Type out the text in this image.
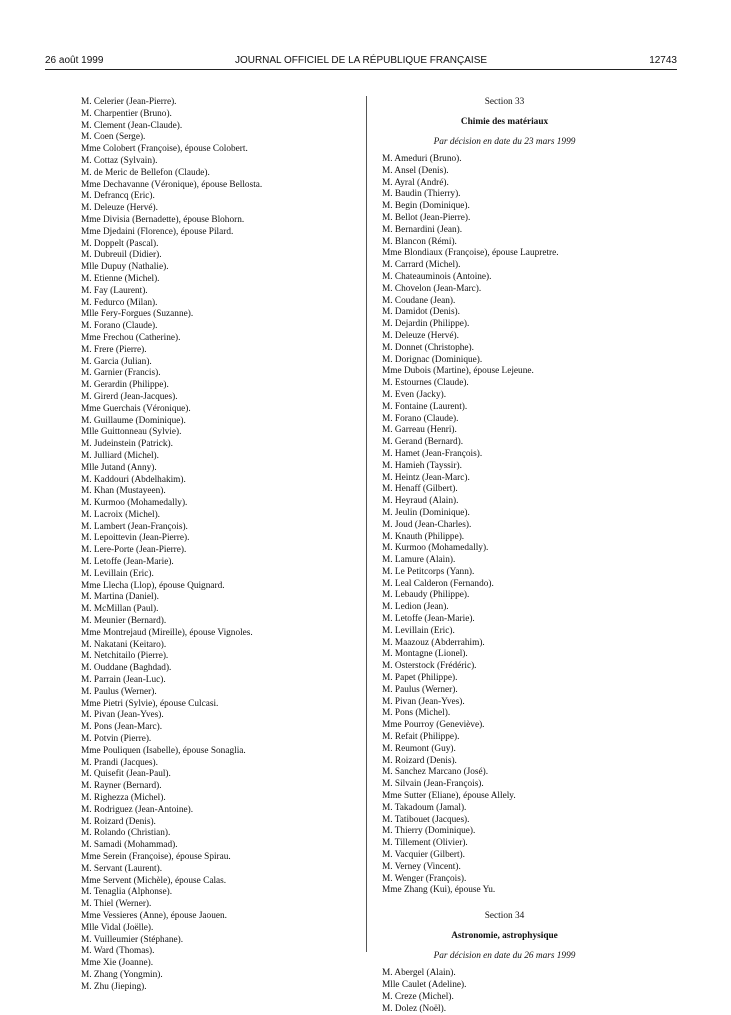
26 août 1999	JOURNAL OFFICIEL DE LA RÉPUBLIQUE FRANÇAISE	12743
M. Celerier (Jean-Pierre).
M. Charpentier (Bruno).
M. Clement (Jean-Claude).
M. Coen (Serge).
Mme Colobert (Françoise), épouse Colobert.
M. Cottaz (Sylvain).
M. de Meric de Bellefon (Claude).
Mme Dechavanne (Véronique), épouse Bellosta.
M. Defrancq (Eric).
M. Deleuze (Hervé).
Mme Divisia (Bernadette), épouse Blohorn.
Mme Djedaini (Florence), épouse Pilard.
M. Doppelt (Pascal).
M. Dubreuil (Didier).
Mlle Dupuy (Nathalie).
M. Etienne (Michel).
M. Fay (Laurent).
M. Fedurco (Milan).
Mlle Fery-Forgues (Suzanne).
M. Forano (Claude).
Mme Frechou (Catherine).
M. Frere (Pierre).
M. Garcia (Julian).
M. Garnier (Francis).
M. Gerardin (Philippe).
M. Girerd (Jean-Jacques).
Mme Guerchais (Véronique).
M. Guillaume (Dominique).
Mlle Guittonneau (Sylvie).
M. Judeinstein (Patrick).
M. Julliard (Michel).
Mlle Jutand (Anny).
M. Kaddouri (Abdelhakim).
M. Khan (Mustayeen).
M. Kurmoo (Mohamedally).
M. Lacroix (Michel).
M. Lambert (Jean-François).
M. Lepoittevin (Jean-Pierre).
M. Lere-Porte (Jean-Pierre).
M. Letoffe (Jean-Marie).
M. Levillain (Eric).
Mme Llecha (Llop), épouse Quignard.
M. Martina (Daniel).
M. McMillan (Paul).
M. Meunier (Bernard).
Mme Montrejaud (Mireille), épouse Vignoles.
M. Nakatani (Keitaro).
M. Netchitailo (Pierre).
M. Ouddane (Baghdad).
M. Parrain (Jean-Luc).
M. Paulus (Werner).
Mme Pietri (Sylvie), épouse Culcasi.
M. Pivan (Jean-Yves).
M. Pons (Jean-Marc).
M. Potvin (Pierre).
Mme Pouliquen (Isabelle), épouse Sonaglia.
M. Prandi (Jacques).
M. Quisefit (Jean-Paul).
M. Rayner (Bernard).
M. Righezza (Michel).
M. Rodriguez (Jean-Antoine).
M. Roizard (Denis).
M. Rolando (Christian).
M. Samadi (Mohammad).
Mme Serein (Françoise), épouse Spirau.
M. Servant (Laurent).
Mme Servent (Michèle), épouse Calas.
M. Tenaglia (Alphonse).
M. Thiel (Werner).
Mme Vessieres (Anne), épouse Jaouen.
Mlle Vidal (Joëlle).
M. Vuilleumier (Stéphane).
M. Ward (Thomas).
Mme Xie (Joanne).
M. Zhang (Yongmin).
M. Zhu (Jieping).
Section 33
Chimie des matériaux
Par décision en date du 23 mars 1999
M. Ameduri (Bruno).
M. Ansel (Denis).
M. Ayral (André).
M. Baudin (Thierry).
M. Begin (Dominique).
M. Bellot (Jean-Pierre).
M. Bernardini (Jean).
M. Blancon (Rémi).
Mme Blondiaux (Françoise), épouse Laupretre.
M. Carrard (Michel).
M. Chateauminois (Antoine).
M. Chovelon (Jean-Marc).
M. Coudane (Jean).
M. Damidot (Denis).
M. Dejardin (Philippe).
M. Deleuze (Hervé).
M. Donnet (Christophe).
M. Dorignac (Dominique).
Mme Dubois (Martine), épouse Lejeune.
M. Estournes (Claude).
M. Even (Jacky).
M. Fontaine (Laurent).
M. Forano (Claude).
M. Garreau (Henri).
M. Gerand (Bernard).
M. Hamet (Jean-François).
M. Hamieh (Tayssir).
M. Heintz (Jean-Marc).
M. Henaff (Gilbert).
M. Heyraud (Alain).
M. Jeulin (Dominique).
M. Joud (Jean-Charles).
M. Knauth (Philippe).
M. Kurmoo (Mohamedally).
M. Lamure (Alain).
M. Le Petitcorps (Yann).
M. Leal Calderon (Fernando).
M. Lebaudy (Philippe).
M. Ledion (Jean).
M. Letoffe (Jean-Marie).
M. Levillain (Eric).
M. Maazouz (Abderrahim).
M. Montagne (Lionel).
M. Osterstock (Frédéric).
M. Papet (Philippe).
M. Paulus (Werner).
M. Pivan (Jean-Yves).
M. Pons (Michel).
Mme Pourroy (Geneviève).
M. Refait (Philippe).
M. Reumont (Guy).
M. Roizard (Denis).
M. Sanchez Marcano (José).
M. Silvain (Jean-François).
Mme Sutter (Eliane), épouse Allely.
M. Takadoum (Jamal).
M. Tatibouet (Jacques).
M. Thierry (Dominique).
M. Tillement (Olivier).
M. Vacquier (Gilbert).
M. Verney (Vincent).
M. Wenger (François).
Mme Zhang (Kui), épouse Yu.
Section 34
Astronomie, astrophysique
Par décision en date du 26 mars 1999
M. Abergel (Alain).
Mlle Caulet (Adeline).
M. Creze (Michel).
M. Dolez (Noël).
